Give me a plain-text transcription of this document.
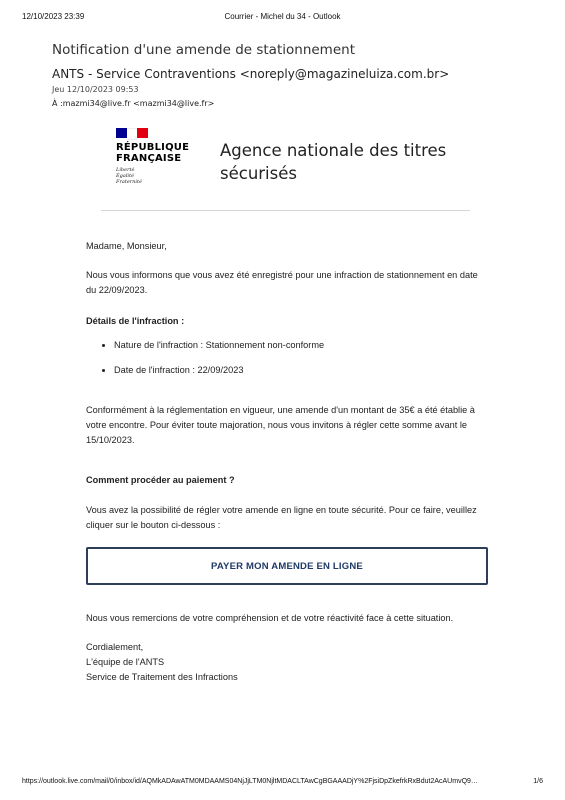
12/10/2023 23:39	Courrier - Michel du 34 - Outlook
Notification d'une amende de stationnement
ANTS - Service Contraventions <noreply@magazineluiza.com.br>
Jeu 12/10/2023 09:53
À :mazmi34@live.fr <mazmi34@live.fr>
RÉPUBLIQUE
FRANÇAISE
Liberté
Égalité
Fraternité
Agence nationale des titres
sécurisés
Madame, Monsieur,
Nous vous informons que vous avez été enregistré pour une infraction de stationnement en date du 22/09/2023.
Détails de l'infraction :
• Nature de l'infraction : Stationnement non-conforme
• Date de l'infraction : 22/09/2023
Conformément à la réglementation en vigueur, une amende d'un montant de 35€ a été établie à votre encontre. Pour éviter toute majoration, nous vous invitons à régler cette somme avant le 15/10/2023.
Comment procéder au paiement ?
Vous avez la possibilité de régler votre amende en ligne en toute sécurité. Pour ce faire, veuillez cliquer sur le bouton ci-dessous :
PAYER MON AMENDE EN LIGNE
Nous vous remercions de votre compréhension et de votre réactivité face à cette situation.
Cordialement,
L'équipe de l'ANTS
Service de Traitement des Infractions
https://outlook.live.com/mail/0/inbox/id/AQMkADAwATM0MDAAMS04NjJjLTM0NjltMDACLTAwCgBGAAADjY%2FjsiDpZkefrkRxBdut2AcAUmvQ9…	1/6
